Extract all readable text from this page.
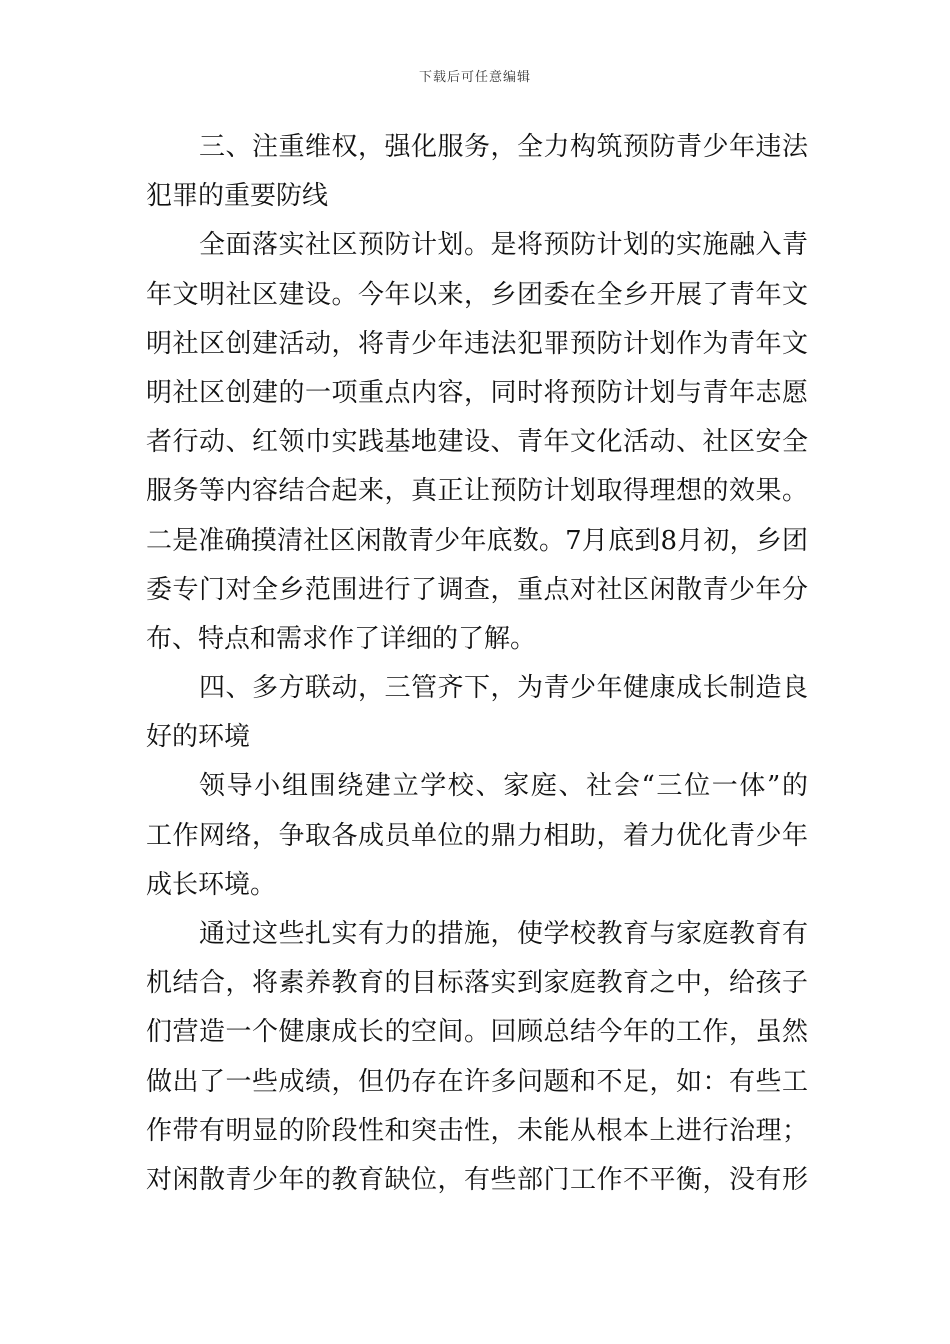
下载后可任意编辑
三、注重维权，强化服务，全力构筑预防青少年违法
犯罪的重要防线
全面落实社区预防计划。是将预防计划的实施融入青
年文明社区建设。今年以来，乡团委在全乡开展了青年文
明社区创建活动，将青少年违法犯罪预防计划作为青年文
明社区创建的一项重点内容，同时将预防计划与青年志愿
者行动、红领巾实践基地建设、青年文化活动、社区安全
服务等内容结合起来，真正让预防计划取得理想的效果。
二是准确摸清社区闲散青少年底数。7月底到8月初，乡团
委专门对全乡范围进行了调查，重点对社区闲散青少年分
布、特点和需求作了详细的了解。
四、多方联动，三管齐下，为青少年健康成长制造良
好的环境
领导小组围绕建立学校、家庭、社会“三位一体”的
工作网络，争取各成员单位的鼎力相助，着力优化青少年
成长环境。
通过这些扎实有力的措施，使学校教育与家庭教育有
机结合，将素养教育的目标落实到家庭教育之中，给孩子
们营造一个健康成长的空间。回顾总结今年的工作，虽然
做出了一些成绩，但仍存在许多问题和不足，如：有些工
作带有明显的阶段性和突击性，未能从根本上进行治理；
对闲散青少年的教育缺位，有些部门工作不平衡，没有形
